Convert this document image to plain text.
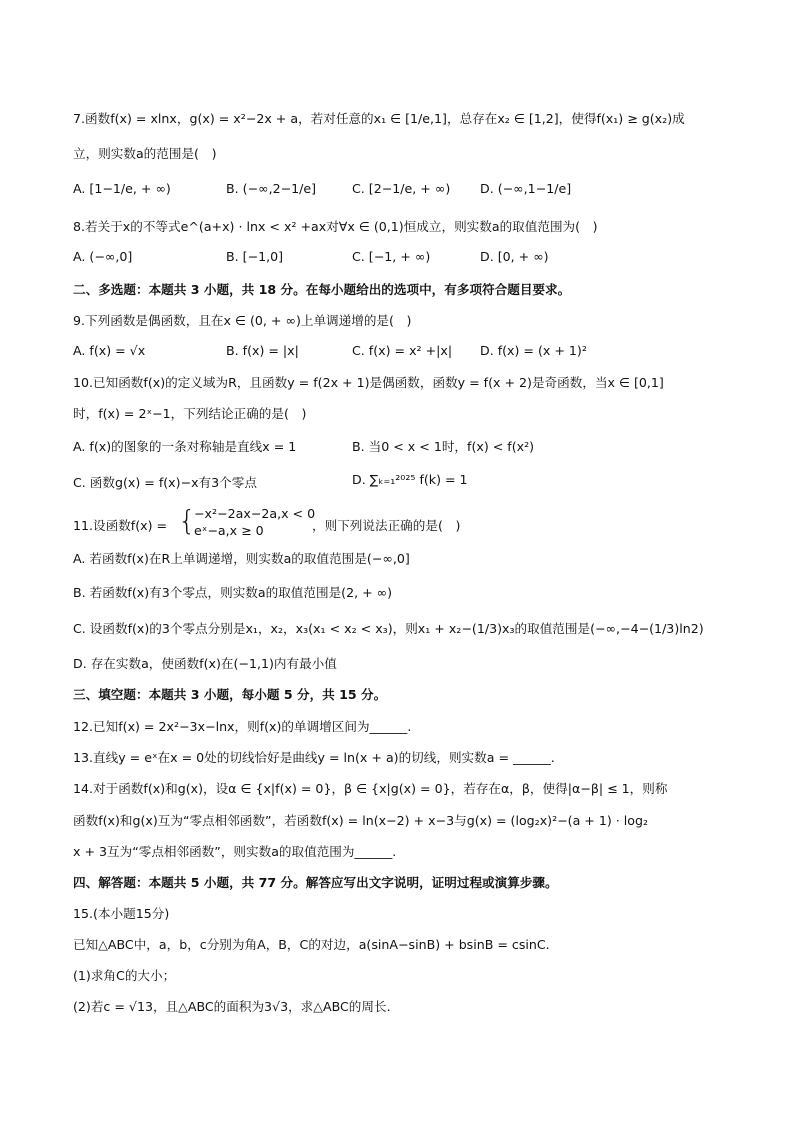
7.函数f(x) = xlnx，g(x) = x²−2x + a，若对任意的x₁ ∈ [1/e,1]，总存在x₂ ∈ [1,2]，使得f(x₁) ≥ g(x₂)成
立，则实数a的范围是(　)
A. [1−1/e, + ∞)	B. (−∞,2−1/e]	C. [2−1/e, + ∞) D. (−∞,1−1/e]
8.若关于x的不等式e^(a+x) · lnx < x² +ax对∀x ∈ (0,1)恒成立，则实数a的取值范围为(　)
A. (−∞,0]	B. [−1,0]	C. [−1, + ∞)	D. [0, + ∞)
二、多选题：本题共 3 小题，共 18 分。在每小题给出的选项中，有多项符合题目要求。
9.下列函数是偶函数，且在x ∈ (0, + ∞)上单调递增的是(　)
A. f(x) = √x	B. f(x) = |x|	C. f(x) = x² +|x| D. f(x) = (x + 1)²
10.已知函数f(x)的定义域为R，且函数y = f(2x + 1)是偶函数，函数y = f(x + 2)是奇函数，当x ∈ [0,1]
时，f(x) = 2ˣ−1，下列结论正确的是(　)
A. f(x)的图象的一条对称轴是直线x = 1	B. 当0 < x < 1时，f(x) < f(x²)
C. 函数g(x) = f(x)−x有3个零点	D. ∑ₖ₌₁²⁰²⁵ f(k) = 1
11.设函数f(x) = {
−x²−2ax−2a,x < 0
eˣ−a,x ≥ 0	，则下列说法正确的是(　)
A. 若函数f(x)在R上单调递增，则实数a的取值范围是(−∞,0]
B. 若函数f(x)有3个零点，则实数a的取值范围是(2, + ∞)
C. 设函数f(x)的3个零点分别是x₁，x₂，x₃(x₁ < x₂ < x₃)，则x₁ + x₂−(1/3)x₃的取值范围是(−∞,−4−(1/3)ln2)
D. 存在实数a，使函数f(x)在(−1,1)内有最小值
三、填空题：本题共 3 小题，每小题 5 分，共 15 分。
12.已知f(x) = 2x²−3x−lnx，则f(x)的单调增区间为______.
13.直线y = eˣ在x = 0处的切线恰好是曲线y = ln(x + a)的切线，则实数a = ______.
14.对于函数f(x)和g(x)，设α ∈ {x|f(x) = 0}，β ∈ {x|g(x) = 0}，若存在α，β，使得|α−β| ≤ 1，则称
函数f(x)和g(x)互为“零点相邻函数”，若函数f(x) = ln(x−2) + x−3与g(x) = (log₂x)²−(a + 1) · log₂
x + 3互为“零点相邻函数”，则实数a的取值范围为______.
四、解答题：本题共 5 小题，共 77 分。解答应写出文字说明，证明过程或演算步骤。
15.(本小题15分)
已知△ABC中，a，b，c分别为角A，B，C的对边，a(sinA−sinB) + bsinB = csinC.
(1)求角C的大小；
(2)若c = √13，且△ABC的面积为3√3，求△ABC的周长.
